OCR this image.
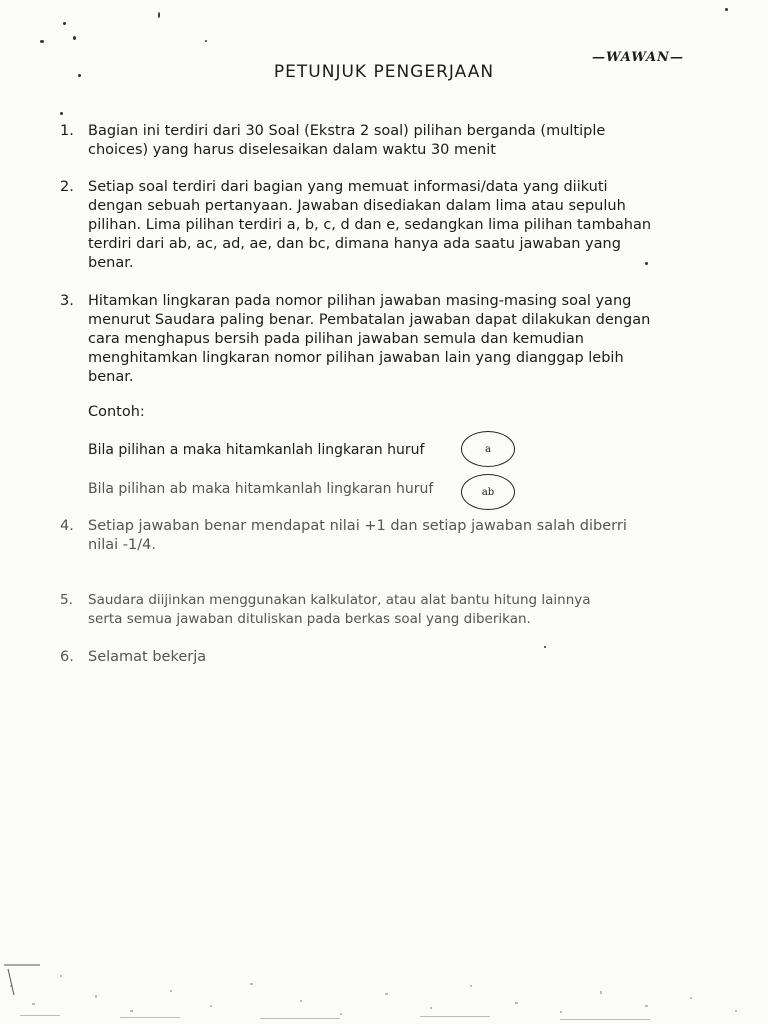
PETUNJUK PENGERJAAN
—WAWAN—
1. Bagian ini terdiri dari 30 Soal (Ekstra 2 soal) pilihan berganda (multiple

choices) yang harus diselesaikan dalam waktu 30 menit

2. Setiap soal terdiri dari bagian yang memuat informasi/data yang diikuti

dengan sebuah pertanyaan. Jawaban disediakan dalam lima atau sepuluh

pilihan. Lima pilihan terdiri a, b, c, d dan e, sedangkan lima pilihan tambahan

terdiri dari ab, ac, ad, ae, dan bc, dimana hanya ada saatu jawaban yang

benar.

3. Hitamkan lingkaran pada nomor pilihan jawaban masing-masing soal yang

menurut Saudara paling benar. Pembatalan jawaban dapat dilakukan dengan

cara menghapus bersih pada pilihan jawaban semula dan kemudian

menghitamkan lingkaran nomor pilihan jawaban lain yang dianggap lebih

benar.

Contoh:
Bila pilihan a maka hitamkanlah lingkaran huruf	a
Bila pilihan ab maka hitamkanlah lingkaran huruf	ab
4. Setiap jawaban benar mendapat nilai +1 dan setiap jawaban salah diberri

nilai -1/4.

5.	Saudara diijinkan menggunakan kalkulator, atau alat bantu hitung lainnya

serta semua jawaban dituliskan pada berkas soal yang diberikan.

6. Selamat bekerja
